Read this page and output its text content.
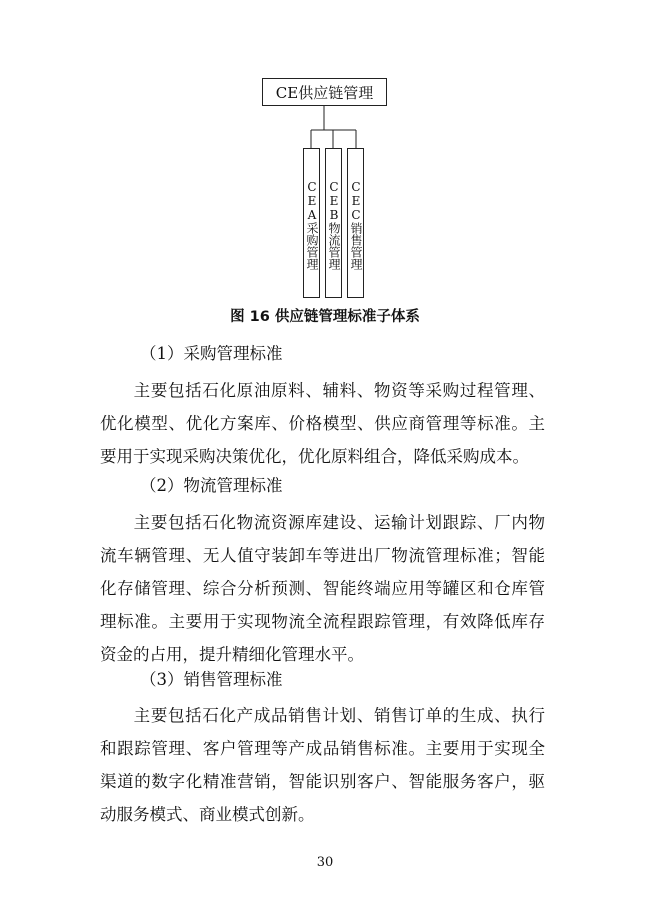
CE供应链管理
CEA采购管理 CEB物流管理 CEC销售管理
图 16 供应链管理标准子体系
（1）采购管理标准
主要包括石化原油原料、辅料、物资等采购过程管理、优化模型、优化方案库、价格模型、供应商管理等标准。主要用于实现采购决策优化，优化原料组合，降低采购成本。
（2）物流管理标准
主要包括石化物流资源库建设、运输计划跟踪、厂内物流车辆管理、无人值守装卸车等进出厂物流管理标准；智能化存储管理、综合分析预测、智能终端应用等罐区和仓库管理标准。主要用于实现物流全流程跟踪管理，有效降低库存资金的占用，提升精细化管理水平。
（3）销售管理标准
主要包括石化产成品销售计划、销售订单的生成、执行和跟踪管理、客户管理等产成品销售标准。主要用于实现全渠道的数字化精准营销，智能识别客户、智能服务客户，驱动服务模式、商业模式创新。
30
